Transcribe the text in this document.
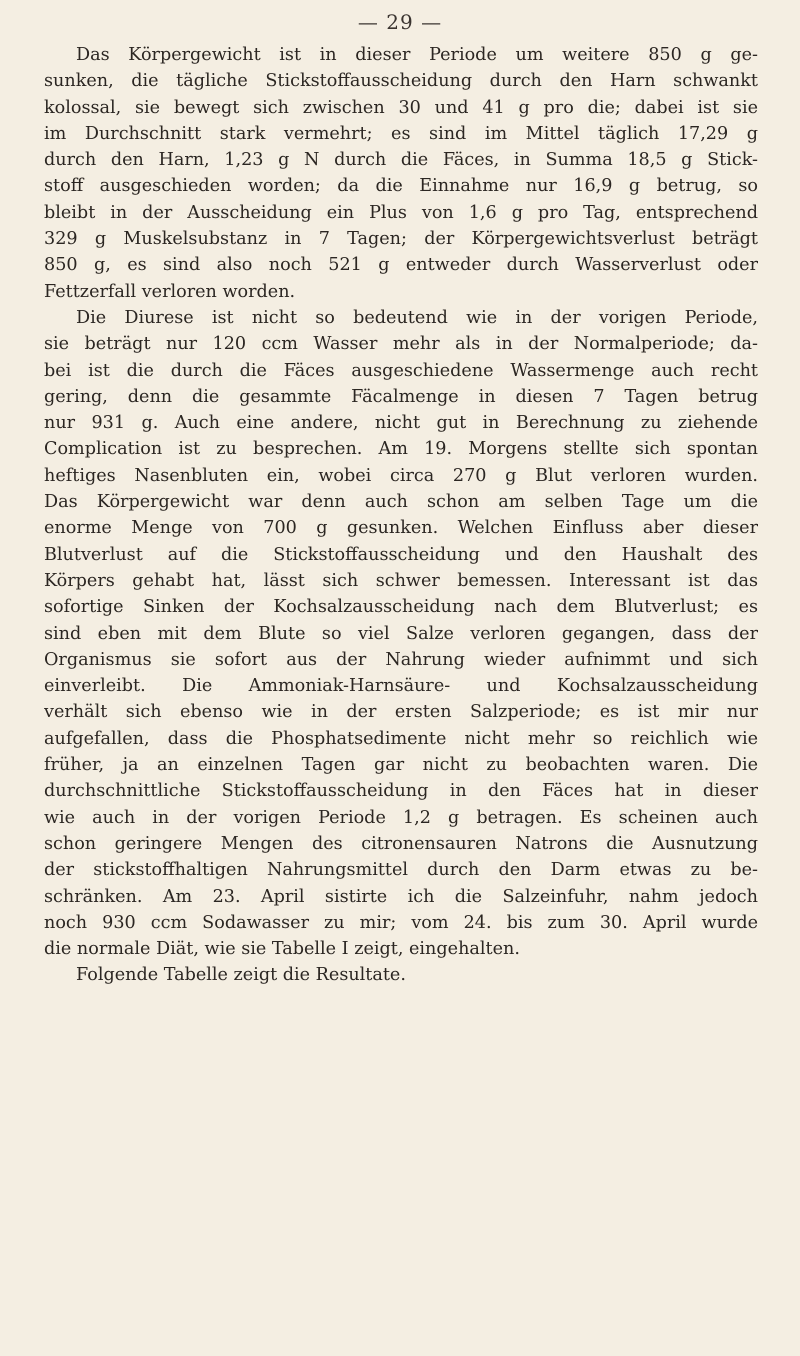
— 29 —
Das Körpergewicht ist in dieser Periode um weitere 850 g ge-
sunken, die tägliche Stickstoffausscheidung durch den Harn schwankt
kolossal, sie bewegt sich zwischen 30 und 41 g pro die; dabei ist sie
im Durchschnitt stark vermehrt; es sind im Mittel täglich 17,29 g
durch den Harn, 1,23 g N durch die Fäces, in Summa 18,5 g Stick-
stoff ausgeschieden worden; da die Einnahme nur 16,9 g betrug, so
bleibt in der Ausscheidung ein Plus von 1,6 g pro Tag, entsprechend
329 g Muskelsubstanz in 7 Tagen; der Körpergewichtsverlust beträgt
850 g, es sind also noch 521 g entweder durch Wasserverlust oder
Fettzerfall verloren worden.
Die Diurese ist nicht so bedeutend wie in der vorigen Periode,
sie beträgt nur 120 ccm Wasser mehr als in der Normalperiode; da-
bei ist die durch die Fäces ausgeschiedene Wassermenge auch recht
gering, denn die gesammte Fäcalmenge in diesen 7 Tagen betrug
nur 931 g. Auch eine andere, nicht gut in Berechnung zu ziehende
Complication ist zu besprechen. Am 19. Morgens stellte sich spontan
heftiges Nasenbluten ein, wobei circa 270 g Blut verloren wurden.
Das Körpergewicht war denn auch schon am selben Tage um die
enorme Menge von 700 g gesunken. Welchen Einfluss aber dieser
Blutverlust auf die Stickstoffausscheidung und den Haushalt des
Körpers gehabt hat, lässt sich schwer bemessen. Interessant ist das
sofortige Sinken der Kochsalzausscheidung nach dem Blutverlust; es
sind eben mit dem Blute so viel Salze verloren gegangen, dass der
Organismus sie sofort aus der Nahrung wieder aufnimmt und sich
einverleibt. Die Ammoniak-Harnsäure- und Kochsalzausscheidung
verhält sich ebenso wie in der ersten Salzperiode; es ist mir nur
aufgefallen, dass die Phosphatsedimente nicht mehr so reichlich wie
früher, ja an einzelnen Tagen gar nicht zu beobachten waren. Die
durchschnittliche Stickstoffausscheidung in den Fäces hat in dieser
wie auch in der vorigen Periode 1,2 g betragen. Es scheinen auch
schon geringere Mengen des citronensauren Natrons die Ausnutzung
der stickstoffhaltigen Nahrungsmittel durch den Darm etwas zu be-
schränken. Am 23. April sistirte ich die Salzeinfuhr, nahm jedoch
noch 930 ccm Sodawasser zu mir; vom 24. bis zum 30. April wurde
die normale Diät, wie sie Tabelle I zeigt, eingehalten.
Folgende Tabelle zeigt die Resultate.
